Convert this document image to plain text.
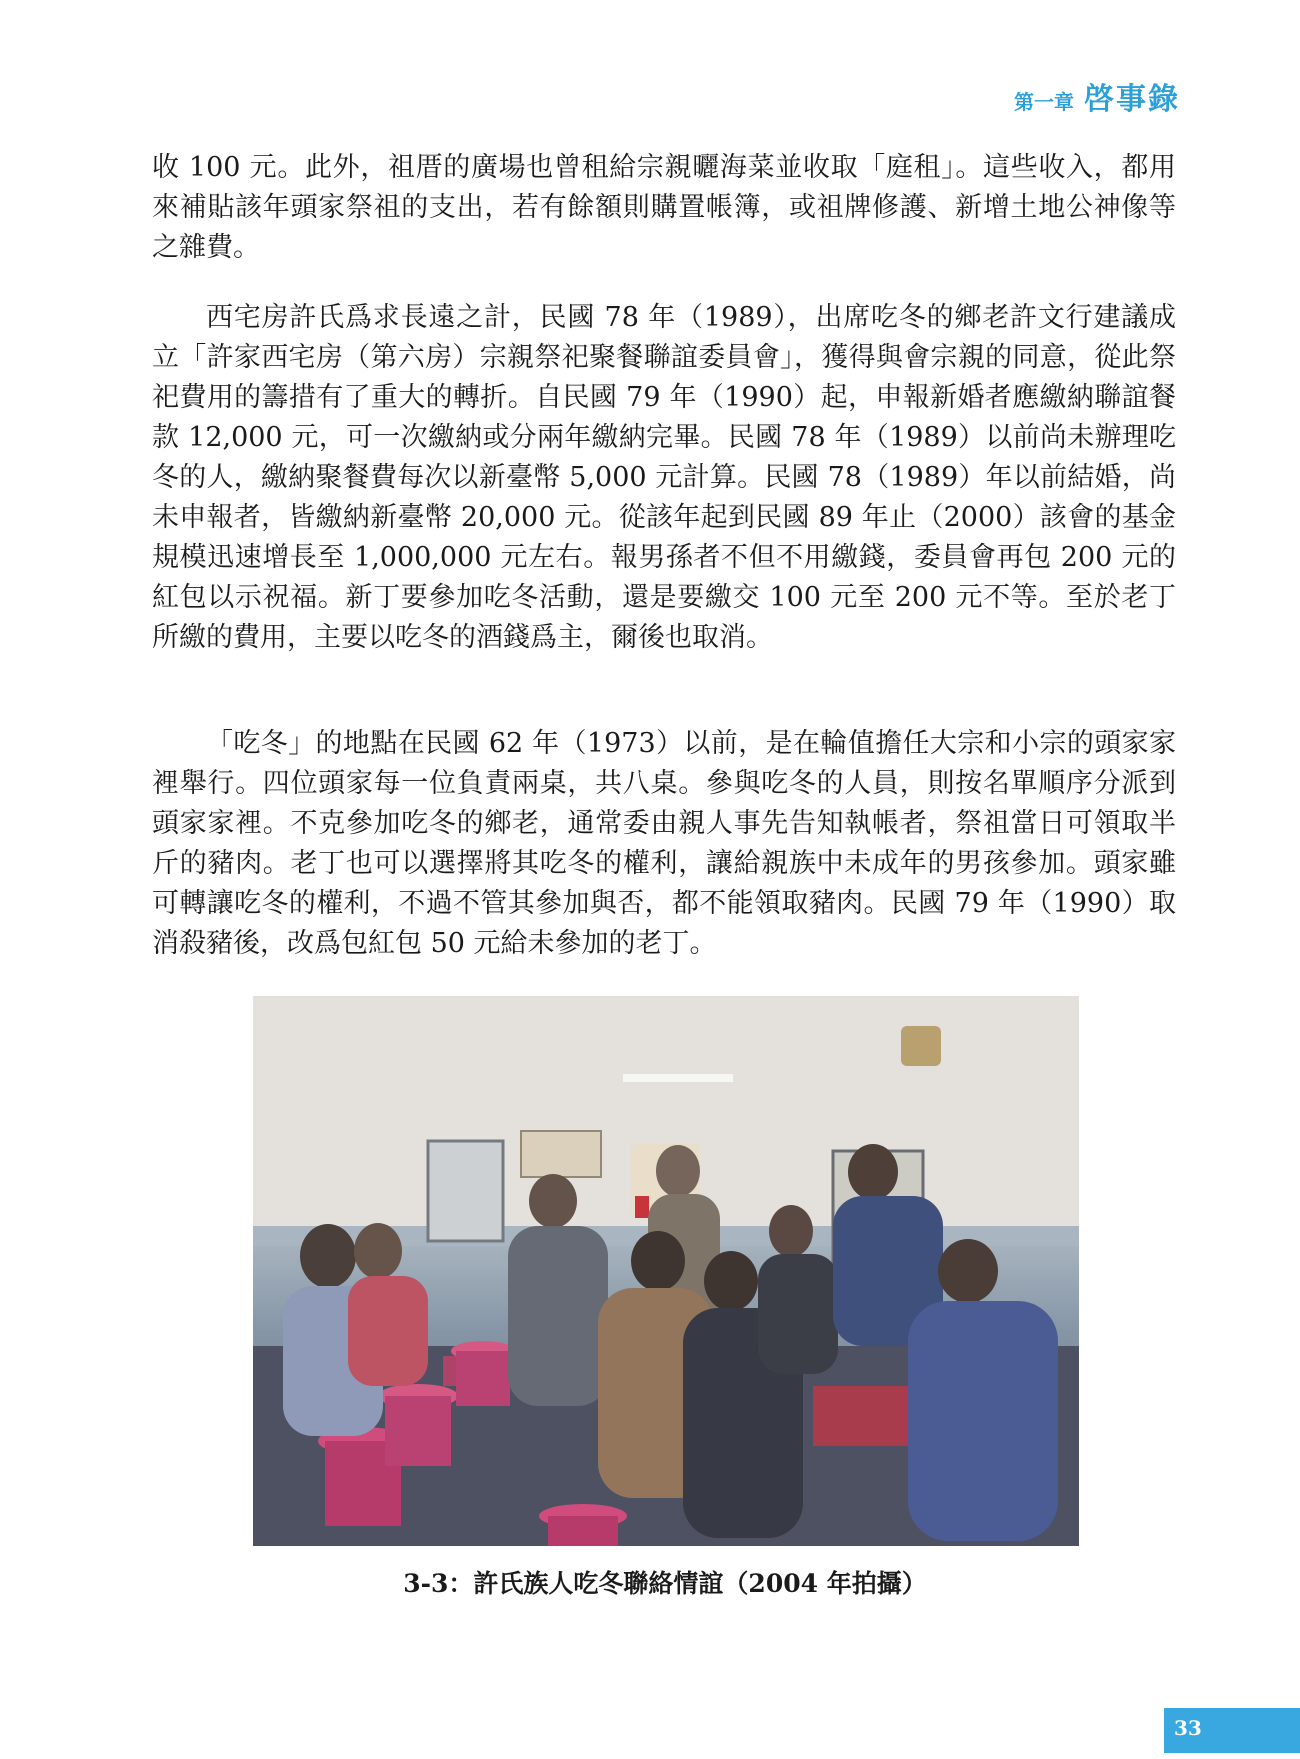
第一章 啓事錄

收 100 元。此外，祖厝的廣場也曾租給宗親曬海菜並收取「庭租」。這些收入，都用來補貼該年頭家祭祖的支出，若有餘額則購置帳簿，或祖牌修護、新增土地公神像等之雜費。

西宅房許氏爲求長遠之計，民國 78 年（1989），出席吃冬的鄉老許文行建議成立「許家西宅房（第六房）宗親祭祀聚餐聯誼委員會」，獲得與會宗親的同意，從此祭祀費用的籌措有了重大的轉折。自民國 79 年（1990）起，申報新婚者應繳納聯誼餐款 12,000 元，可一次繳納或分兩年繳納完畢。民國 78 年（1989）以前尚未辦理吃冬的人，繳納聚餐費每次以新臺幣 5,000 元計算。民國 78（1989）年以前結婚，尚未申報者，皆繳納新臺幣 20,000 元。從該年起到民國 89 年止（2000）該會的基金規模迅速增長至 1,000,000 元左右。報男孫者不但不用繳錢，委員會再包 200 元的紅包以示祝福。新丁要參加吃冬活動，還是要繳交 100 元至 200 元不等。至於老丁所繳的費用，主要以吃冬的酒錢爲主，爾後也取消。

「吃冬」的地點在民國 62 年（1973）以前，是在輪值擔任大宗和小宗的頭家家裡舉行。四位頭家每一位負責兩桌，共八桌。參與吃冬的人員，則按名單順序分派到頭家家裡。不克參加吃冬的鄉老，通常委由親人事先告知執帳者，祭祖當日可領取半斤的豬肉。老丁也可以選擇將其吃冬的權利，讓給親族中未成年的男孩參加。頭家雖可轉讓吃冬的權利，不過不管其參加與否，都不能領取豬肉。民國 79 年（1990）取消殺豬後，改爲包紅包 50 元給未參加的老丁。

3-3：許氏族人吃冬聯絡情誼（2004 年拍攝）
33
